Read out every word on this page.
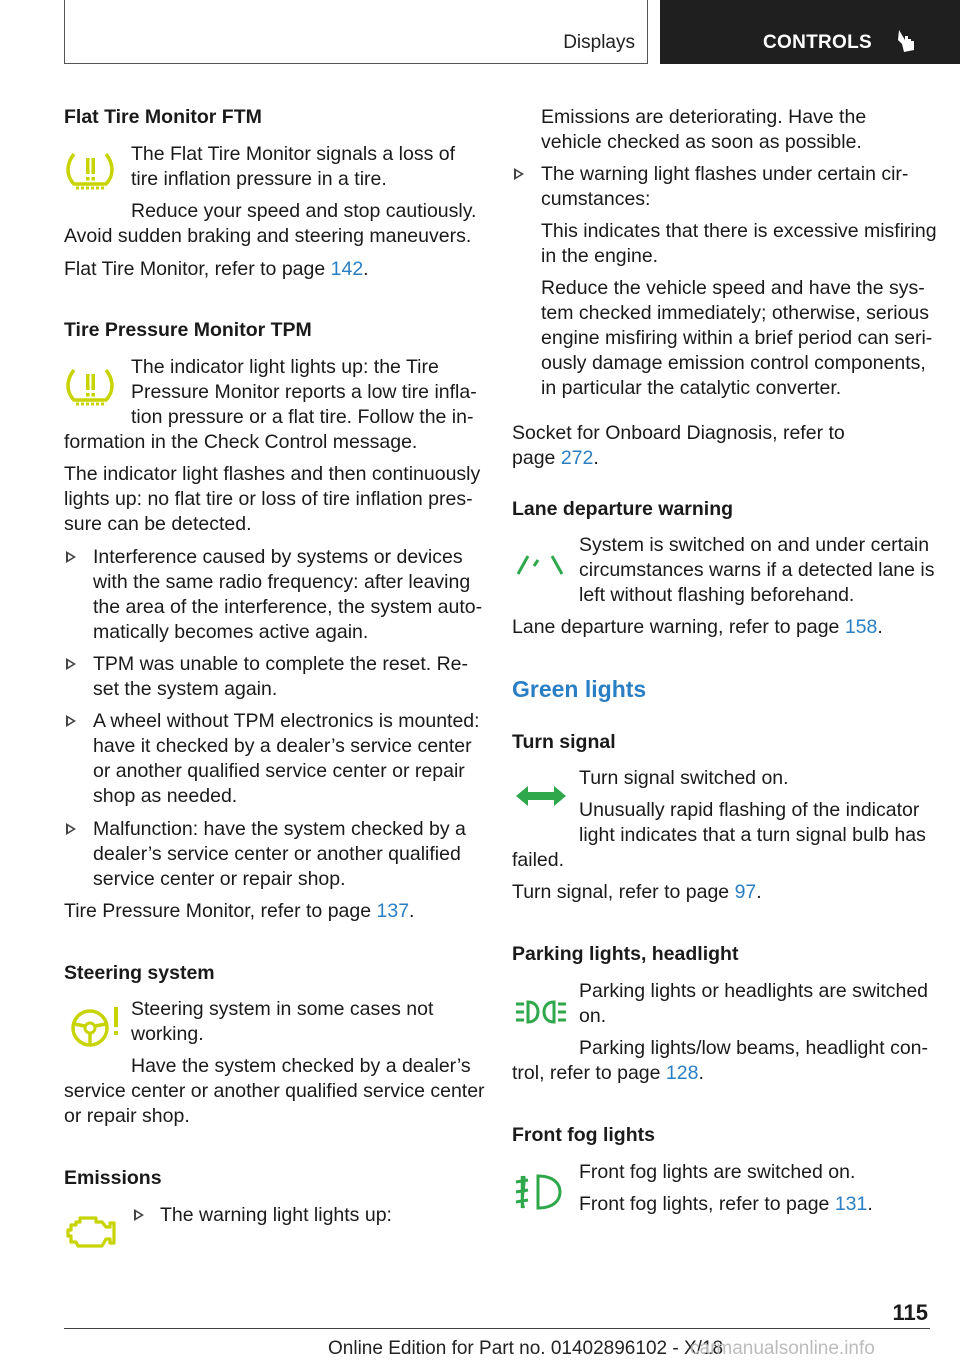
Displays	CONTROLS
Flat Tire Monitor FTM
The Flat Tire Monitor signals a loss of
tire inflation pressure in a tire.
Reduce your speed and stop cautiously.
Avoid sudden braking and steering maneuvers.
Flat Tire Monitor, refer to page 142.
Tire Pressure Monitor TPM
The indicator light lights up: the Tire
Pressure Monitor reports a low tire infla‐
tion pressure or a flat tire. Follow the in‐
formation in the Check Control message.
The indicator light flashes and then continuously
lights up: no flat tire or loss of tire inflation pres‐
sure can be detected.
Interference caused by systems or devices
with the same radio frequency: after leaving
the area of the interference, the system auto‐
matically becomes active again.
TPM was unable to complete the reset. Re‐
set the system again.
A wheel without TPM electronics is mounted:
have it checked by a dealer’s service center
or another qualified service center or repair
shop as needed.
Malfunction: have the system checked by a
dealer’s service center or another qualified
service center or repair shop.
Tire Pressure Monitor, refer to page 137.
Steering system
Steering system in some cases not
working.
Have the system checked by a dealer’s
service center or another qualified service center
or repair shop.
Emissions
The warning light lights up:
Emissions are deteriorating. Have the
vehicle checked as soon as possible.
The warning light flashes under certain cir‐
cumstances:
This indicates that there is excessive misfiring
in the engine.
Reduce the vehicle speed and have the sys‐
tem checked immediately; otherwise, serious
engine misfiring within a brief period can seri‐
ously damage emission control components,
in particular the catalytic converter.
Socket for Onboard Diagnosis, refer to
page 272.
Lane departure warning
System is switched on and under certain
circumstances warns if a detected lane is
left without flashing beforehand.
Lane departure warning, refer to page 158.
Green lights
Turn signal
Turn signal switched on.
Unusually rapid flashing of the indicator
light indicates that a turn signal bulb has
failed.
Turn signal, refer to page 97.
Parking lights, headlight
Parking lights or headlights are switched
on.
Parking lights/low beams, headlight con‐
trol, refer to page 128.
Front fog lights
Front fog lights are switched on.
Front fog lights, refer to page 131.
115
Online Edition for Part no. 01402896102 - X/18
carmanualsonline.info
